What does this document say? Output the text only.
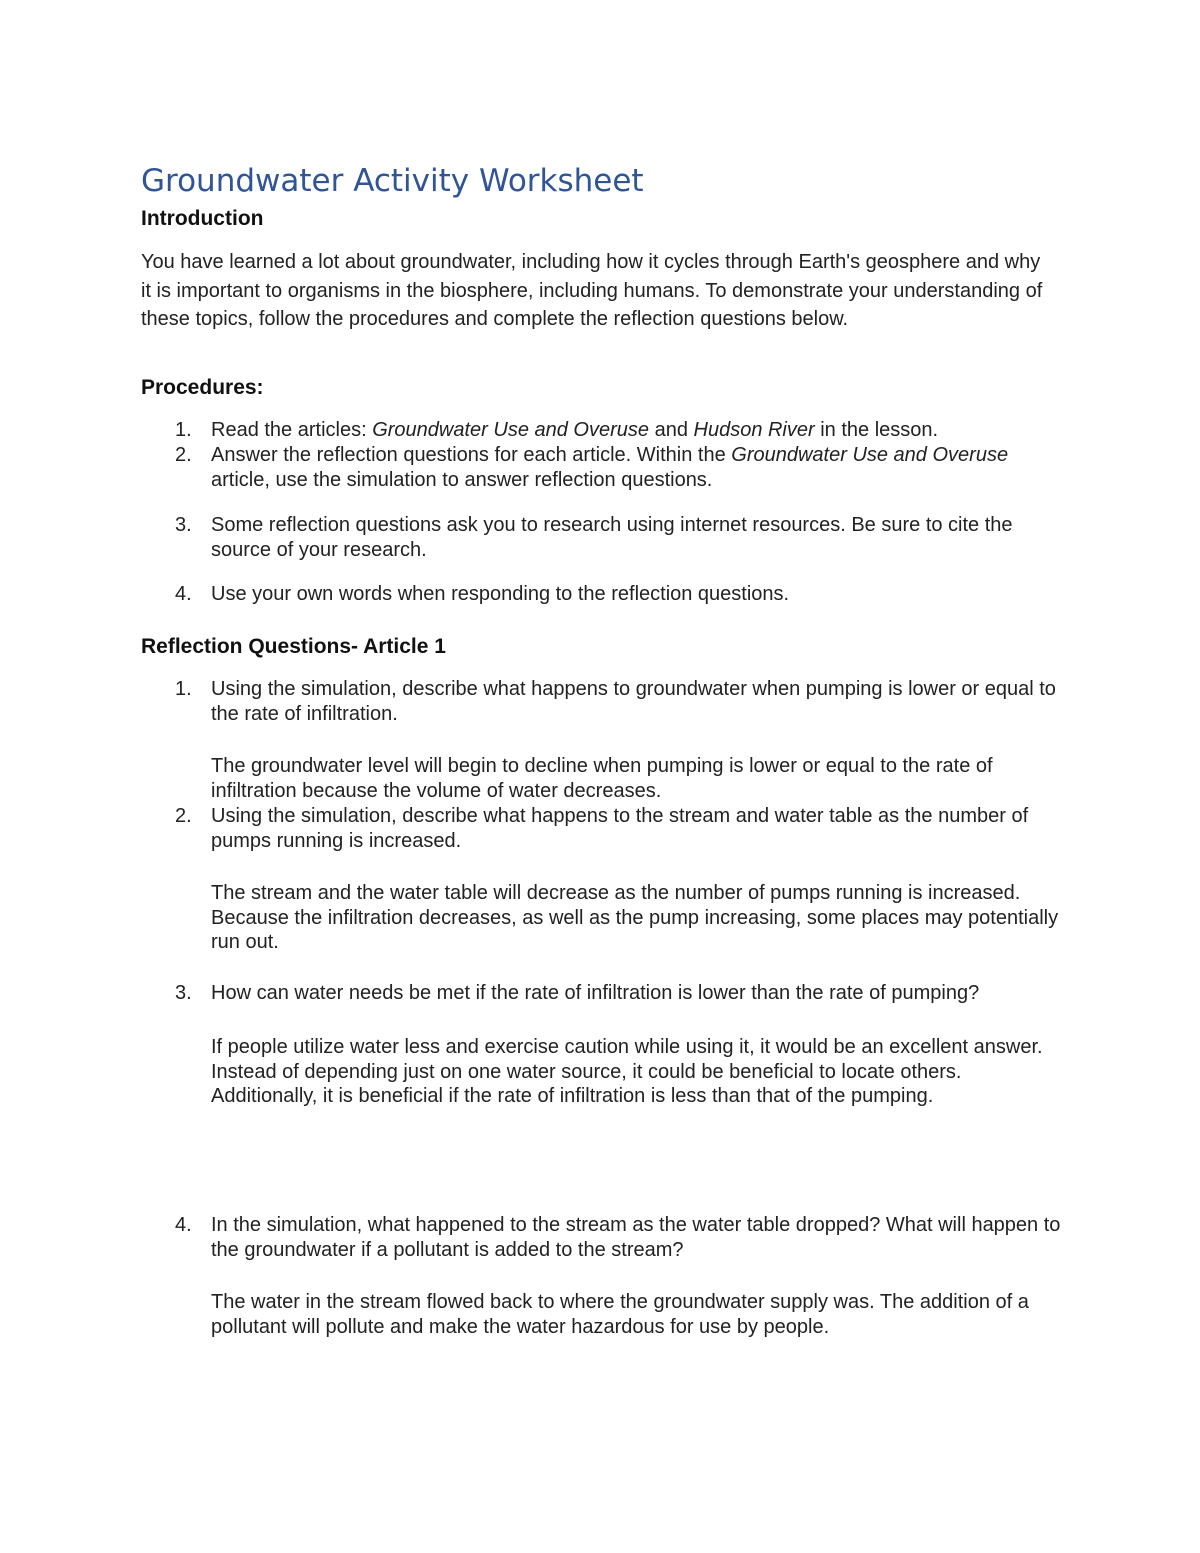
Groundwater Activity Worksheet
Introduction
You have learned a lot about groundwater, including how it cycles through Earth's geosphere and why it is important to organisms in the biosphere, including humans. To demonstrate your understanding of these topics, follow the procedures and complete the reflection questions below.
Procedures:
1. Read the articles: Groundwater Use and Overuse and Hudson River in the lesson.
2. Answer the reflection questions for each article. Within the Groundwater Use and Overuse article, use the simulation to answer reflection questions.
3. Some reflection questions ask you to research using internet resources. Be sure to cite the source of your research.
4. Use your own words when responding to the reflection questions.
Reflection Questions- Article 1
1. Using the simulation, describe what happens to groundwater when pumping is lower or equal to the rate of infiltration.
The groundwater level will begin to decline when pumping is lower or equal to the rate of infiltration because the volume of water decreases.
2. Using the simulation, describe what happens to the stream and water table as the number of pumps running is increased.
The stream and the water table will decrease as the number of pumps running is increased. Because the infiltration decreases, as well as the pump increasing, some places may potentially run out.
3. How can water needs be met if the rate of infiltration is lower than the rate of pumping?
If people utilize water less and exercise caution while using it, it would be an excellent answer. Instead of depending just on one water source, it could be beneficial to locate others. Additionally, it is beneficial if the rate of infiltration is less than that of the pumping.
4. In the simulation, what happened to the stream as the water table dropped? What will happen to the groundwater if a pollutant is added to the stream?
The water in the stream flowed back to where the groundwater supply was. The addition of a pollutant will pollute and make the water hazardous for use by people.
